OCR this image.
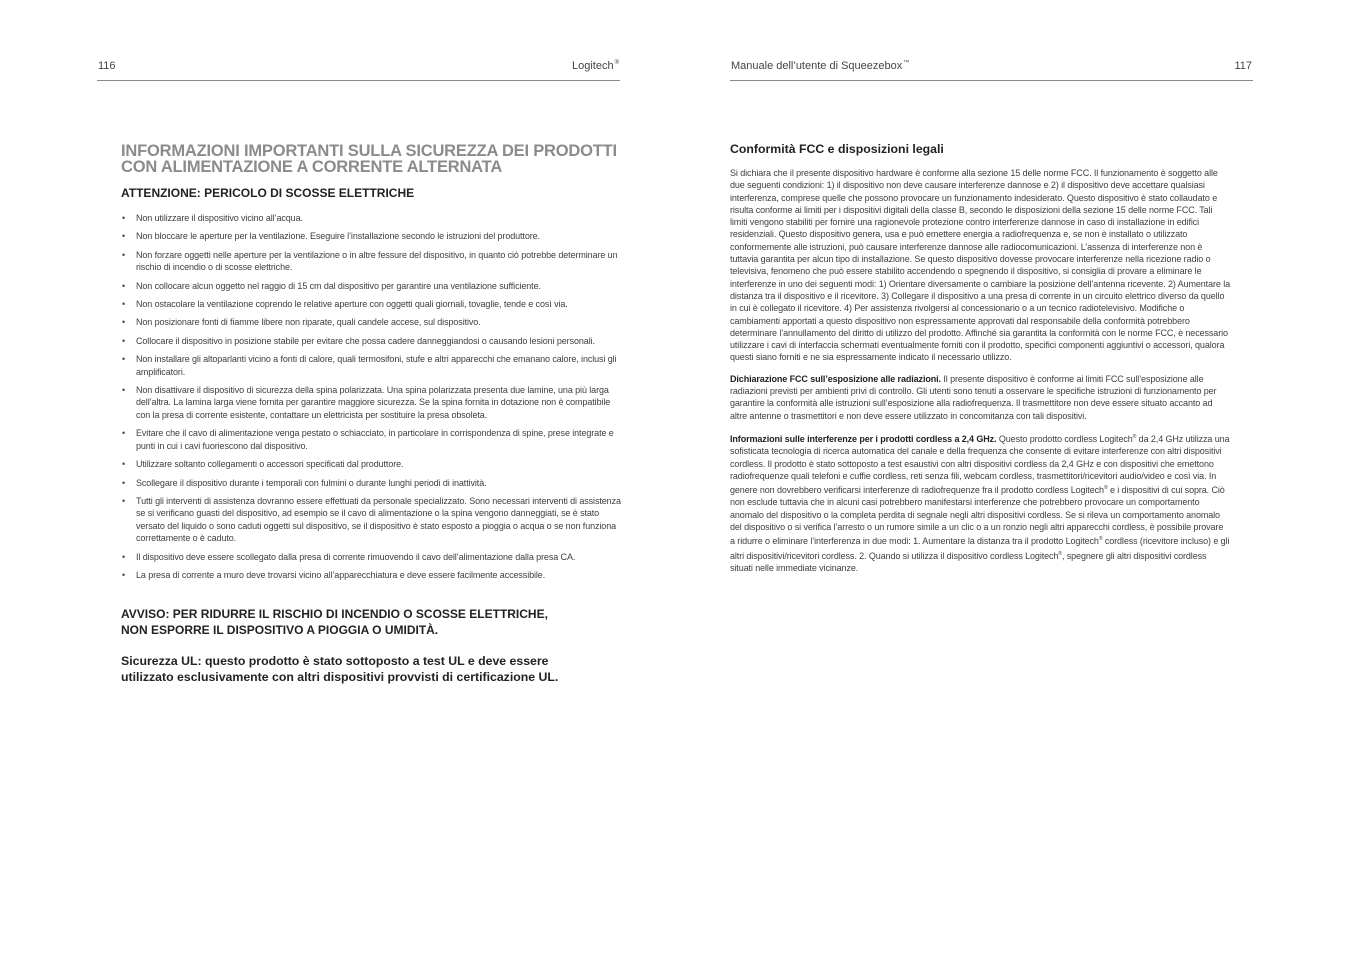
116	Logitech®
INFORMAZIONI IMPORTANTI SULLA SICUREZZA DEI PRODOTTI
CON ALIMENTAZIONE A CORRENTE ALTERNATA
ATTENZIONE: PERICOLO DI SCOSSE ELETTRICHE
• Non utilizzare il dispositivo vicino all’acqua.
• Non bloccare le aperture per la ventilazione. Eseguire l’installazione secondo le istruzioni del produttore.
• Non forzare oggetti nelle aperture per la ventilazione o in altre fessure del dispositivo, in quanto ciò potrebbe determinare un rischio di incendio o di scosse elettriche.
• Non collocare alcun oggetto nel raggio di 15 cm dal dispositivo per garantire una ventilazione sufficiente.
• Non ostacolare la ventilazione coprendo le relative aperture con oggetti quali giornali, tovaglie, tende e così via.
• Non posizionare fonti di fiamme libere non riparate, quali candele accese, sul dispositivo.
• Collocare il dispositivo in posizione stabile per evitare che possa cadere danneggiandosi o causando lesioni personali.
• Non installare gli altoparlanti vicino a fonti di calore, quali termosifoni, stufe e altri apparecchi che emanano calore, inclusi gli amplificatori.
• Non disattivare il dispositivo di sicurezza della spina polarizzata. Una spina polarizzata presenta due lamine, una più larga dell’altra. La lamina larga viene fornita per garantire maggiore sicurezza. Se la spina fornita in dotazione non è compatibile con la presa di corrente esistente, contattare un elettricista per sostituire la presa obsoleta.
• Evitare che il cavo di alimentazione venga pestato o schiacciato, in particolare in corrispondenza di spine, prese integrate e punti in cui i cavi fuoriescono dal dispositivo.
• Utilizzare soltanto collegamenti o accessori specificati dal produttore.
• Scollegare il dispositivo durante i temporali con fulmini o durante lunghi periodi di inattività.
• Tutti gli interventi di assistenza dovranno essere effettuati da personale specializzato. Sono necessari interventi di assistenza se si verificano guasti del dispositivo, ad esempio se il cavo di alimentazione o la spina vengono danneggiati, se è stato versato del liquido o sono caduti oggetti sul dispositivo, se il dispositivo è stato esposto a pioggia o acqua o se non funziona correttamente o è caduto.
• Il dispositivo deve essere scollegato dalla presa di corrente rimuovendo il cavo dell’alimentazione dalla presa CA.
• La presa di corrente a muro deve trovarsi vicino all’apparecchiatura e deve essere facilmente accessibile.
AVVISO: PER RIDURRE IL RISCHIO DI INCENDIO O SCOSSE ELETTRICHE,
NON ESPORRE IL DISPOSITIVO A PIOGGIA O UMIDITÀ.
Sicurezza UL: questo prodotto è stato sottoposto a test UL e deve essere
utilizzato esclusivamente con altri dispositivi provvisti di certificazione UL.
Manuale dell’utente di Squeezebox™	117
Conformità FCC e disposizioni legali

Si dichiara che il presente dispositivo hardware è conforme alla sezione 15 delle norme FCC. Il funzionamento è soggetto alle due seguenti condizioni: 1) il dispositivo non deve causare interferenze dannose e 2) il dispositivo deve accettare qualsiasi interferenza, comprese quelle che possono provocare un funzionamento indesiderato. Questo dispositivo è stato collaudato e risulta conforme ai limiti per i dispositivi digitali della classe B, secondo le disposizioni della sezione 15 delle norme FCC. Tali limiti vengono stabiliti per fornire una ragionevole protezione contro interferenze dannose in caso di installazione in edifici residenziali. Questo dispositivo genera, usa e può emettere energia a radiofrequenza e, se non è installato o utilizzato conformemente alle istruzioni, può causare interferenze dannose alle radiocomunicazioni. L’assenza di interferenze non è tuttavia garantita per alcun tipo di installazione. Se questo dispositivo dovesse provocare interferenze nella ricezione radio o televisiva, fenomeno che può essere stabilito accendendo o spegnendo il dispositivo, si consiglia di provare a eliminare le interferenze in uno dei seguenti modi: 1) Orientare diversamente o cambiare la posizione dell’antenna ricevente. 2) Aumentare la distanza tra il dispositivo e il ricevitore. 3) Collegare il dispositivo a una presa di corrente in un circuito elettrico diverso da quello in cui è collegato il ricevitore. 4) Per assistenza rivolgersi al concessionario o a un tecnico radiotelevisivo. Modifiche o cambiamenti apportati a questo dispositivo non espressamente approvati dal responsabile della conformità potrebbero determinare l’annullamento del diritto di utilizzo del prodotto. Affinché sia garantita la conformità con le norme FCC, è necessario utilizzare i cavi di interfaccia schermati eventualmente forniti con il prodotto, specifici componenti aggiuntivi o accessori, qualora questi siano forniti e ne sia espressamente indicato il necessario utilizzo.

Dichiarazione FCC sull’esposizione alle radiazioni. Il presente dispositivo è conforme ai limiti FCC sull’esposizione alle radiazioni previsti per ambienti privi di controllo. Gli utenti sono tenuti a osservare le specifiche istruzioni di funzionamento per garantire la conformità alle istruzioni sull’esposizione alla radiofrequenza. Il trasmettitore non deve essere situato accanto ad altre antenne o trasmettitori e non deve essere utilizzato in concomitanza con tali dispositivi.

Informazioni sulle interferenze per i prodotti cordless a 2,4 GHz. Questo prodotto cordless Logitech® da 2,4 GHz utilizza una sofisticata tecnologia di ricerca automatica del canale e della frequenza che consente di evitare interferenze con altri dispositivi cordless. Il prodotto è stato sottoposto a test esaustivi con altri dispositivi cordless da 2,4 GHz e con dispositivi che emettono radiofrequenze quali telefoni e cuffie cordless, reti senza fili, webcam cordless, trasmettitori/ricevitori audio/video e così via. In genere non dovrebbero verificarsi interferenze di radiofrequenze fra il prodotto cordless Logitech® e i dispositivi di cui sopra. Ciò non esclude tuttavia che in alcuni casi potrebbero manifestarsi interferenze che potrebbero provocare un comportamento anomalo del dispositivo o la completa perdita di segnale negli altri dispositivi cordless. Se si rileva un comportamento anomalo del dispositivo o si verifica l’arresto o un rumore simile a un clic o a un ronzio negli altri apparecchi cordless, è possibile provare a ridurre o eliminare l’interferenza in due modi: 1. Aumentare la distanza tra il prodotto Logitech® cordless (ricevitore incluso) e gli altri dispositivi/ricevitori cordless. 2. Quando si utilizza il dispositivo cordless Logitech®, spegnere gli altri dispositivi cordless situati nelle immediate vicinanze.
